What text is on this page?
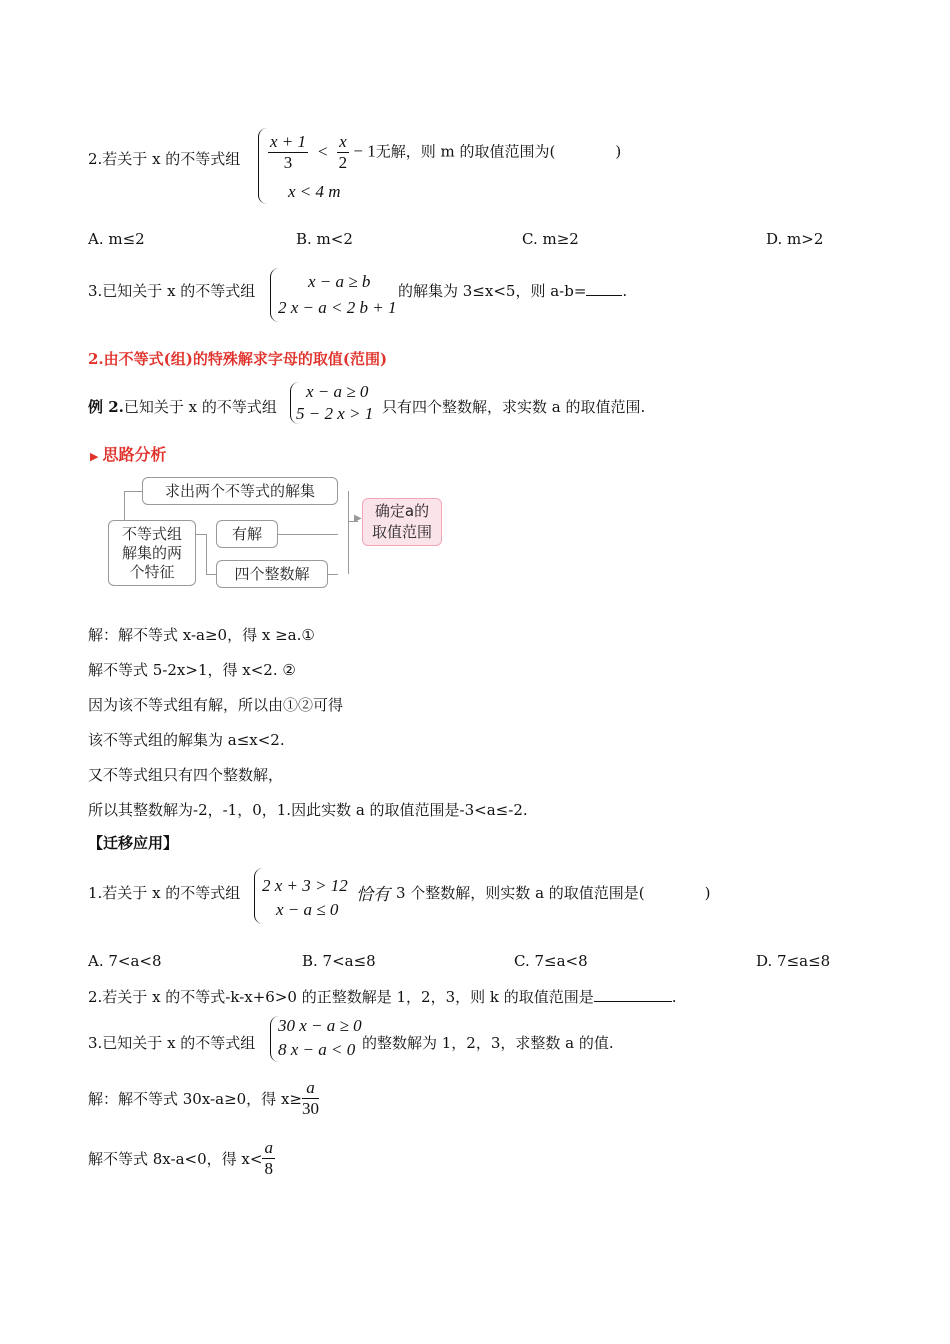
2.若关于 x 的不等式组 $\frac{x + 1}{3} < \frac{x}{2} - 1$无解，则 m 的取值范围为(	)
x < 4 m
A. m≤2	B. m<2	C. m≥2	D. m>2
3.已知关于 x 的不等式组	x − a ≥ b
2 x − a < 2 b + 1
的解集为 3≤x<5，则 a-b= .
2.由不等式(组)的特殊解求字母的取值(范围)
例 2.已知关于 x 的不等式组
x − a ≥ 0
5 − 2 x > 1 只有四个整数解，求实数 a 的取值范围.
▶ 思路分析
不等式组
解集的两
个特征
求出两个不等式的解集
有解
四个整数解
确定a的
取值范围
▶
解：解不等式 x-a≥0，得 x ≥a.①
解不等式 5-2x>1，得 x<2. ②
因为该不等式组有解，所以由①②可得
该不等式组的解集为 a≤x<2.
又不等式组只有四个整数解，
所以其整数解为-2，-1，0，1.因此实数 a 的取值范围是-3<a≤-2.
【迁移应用】
1.若关于 x 的不等式组 2 x + 3 > 12
x − a ≤ 0
恰有 3 个整数解，则实数 a 的取值范围是(	)
A. 7<a<8	B. 7<a≤8	C. 7≤a<8	D. 7≤a≤8
2.若关于 x 的不等式-k-x+6>0 的正整数解是 1，2，3，则 k 的取值范围是	.
3.已知关于 x 的不等式组
30 x − a ≥ 0
8 x − a < 0 的整数解为 1，2，3，求整数 a 的值.
解：解不等式 30x-a≥0，得 $x\ge \frac{a}{30}$
解不等式 8x-a<0，得 $x< \frac{a}{8}$
